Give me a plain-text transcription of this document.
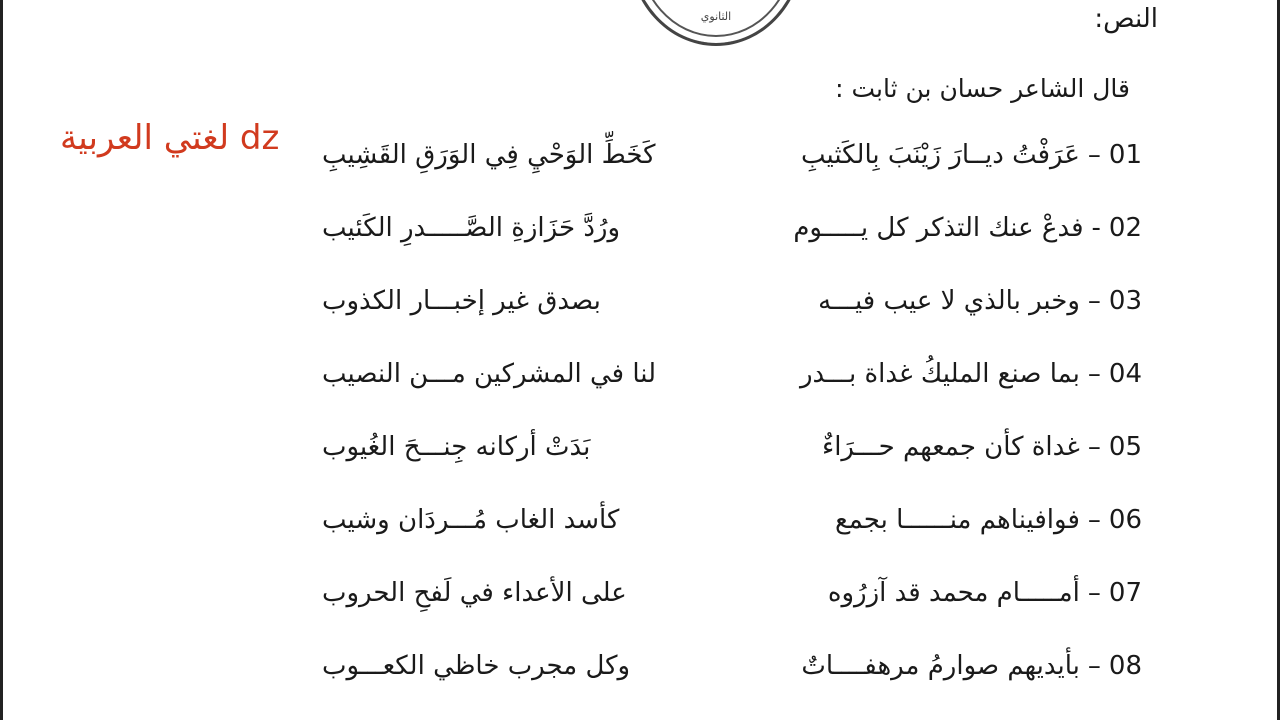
الثانوي	النص:
قال الشاعر حسان بن ثابت :
لغتي العربية dz	01–عَرَفْتُ ديــارَ زَيْنَبَ بِالكَثيبِ
كَخَطِّ الوَحْيِ فِي الوَرَقِ القَشِيبِ
02-فدعْ عنك التذكر كل يـــــوم
ورُدَّ حَزَازةِ الصَّـــــدرِ الكَئيب
03–وخبر بالذي لا عيب فيـــه
بصدق غير إخبـــار الكذوب
04–بما صنع المليكُ غداة بـــدر
لنا في المشركين مـــن النصيب
05–غداة كأن جمعهم حـــرَاءٌ
بَدَتْ أركانه جِنـــحَ الغُيوب
06–فوافيناهم منــــــا بجمع
كأسد الغاب مُـــردَان وشيب
07–أمـــــام محمد قد آزرُوه
على الأعداء في لَفحِ الحروب
08–بأيديهم صوارمُ مرهفــــاتٌ
وكل مجرب خاظي الكعـــوب
